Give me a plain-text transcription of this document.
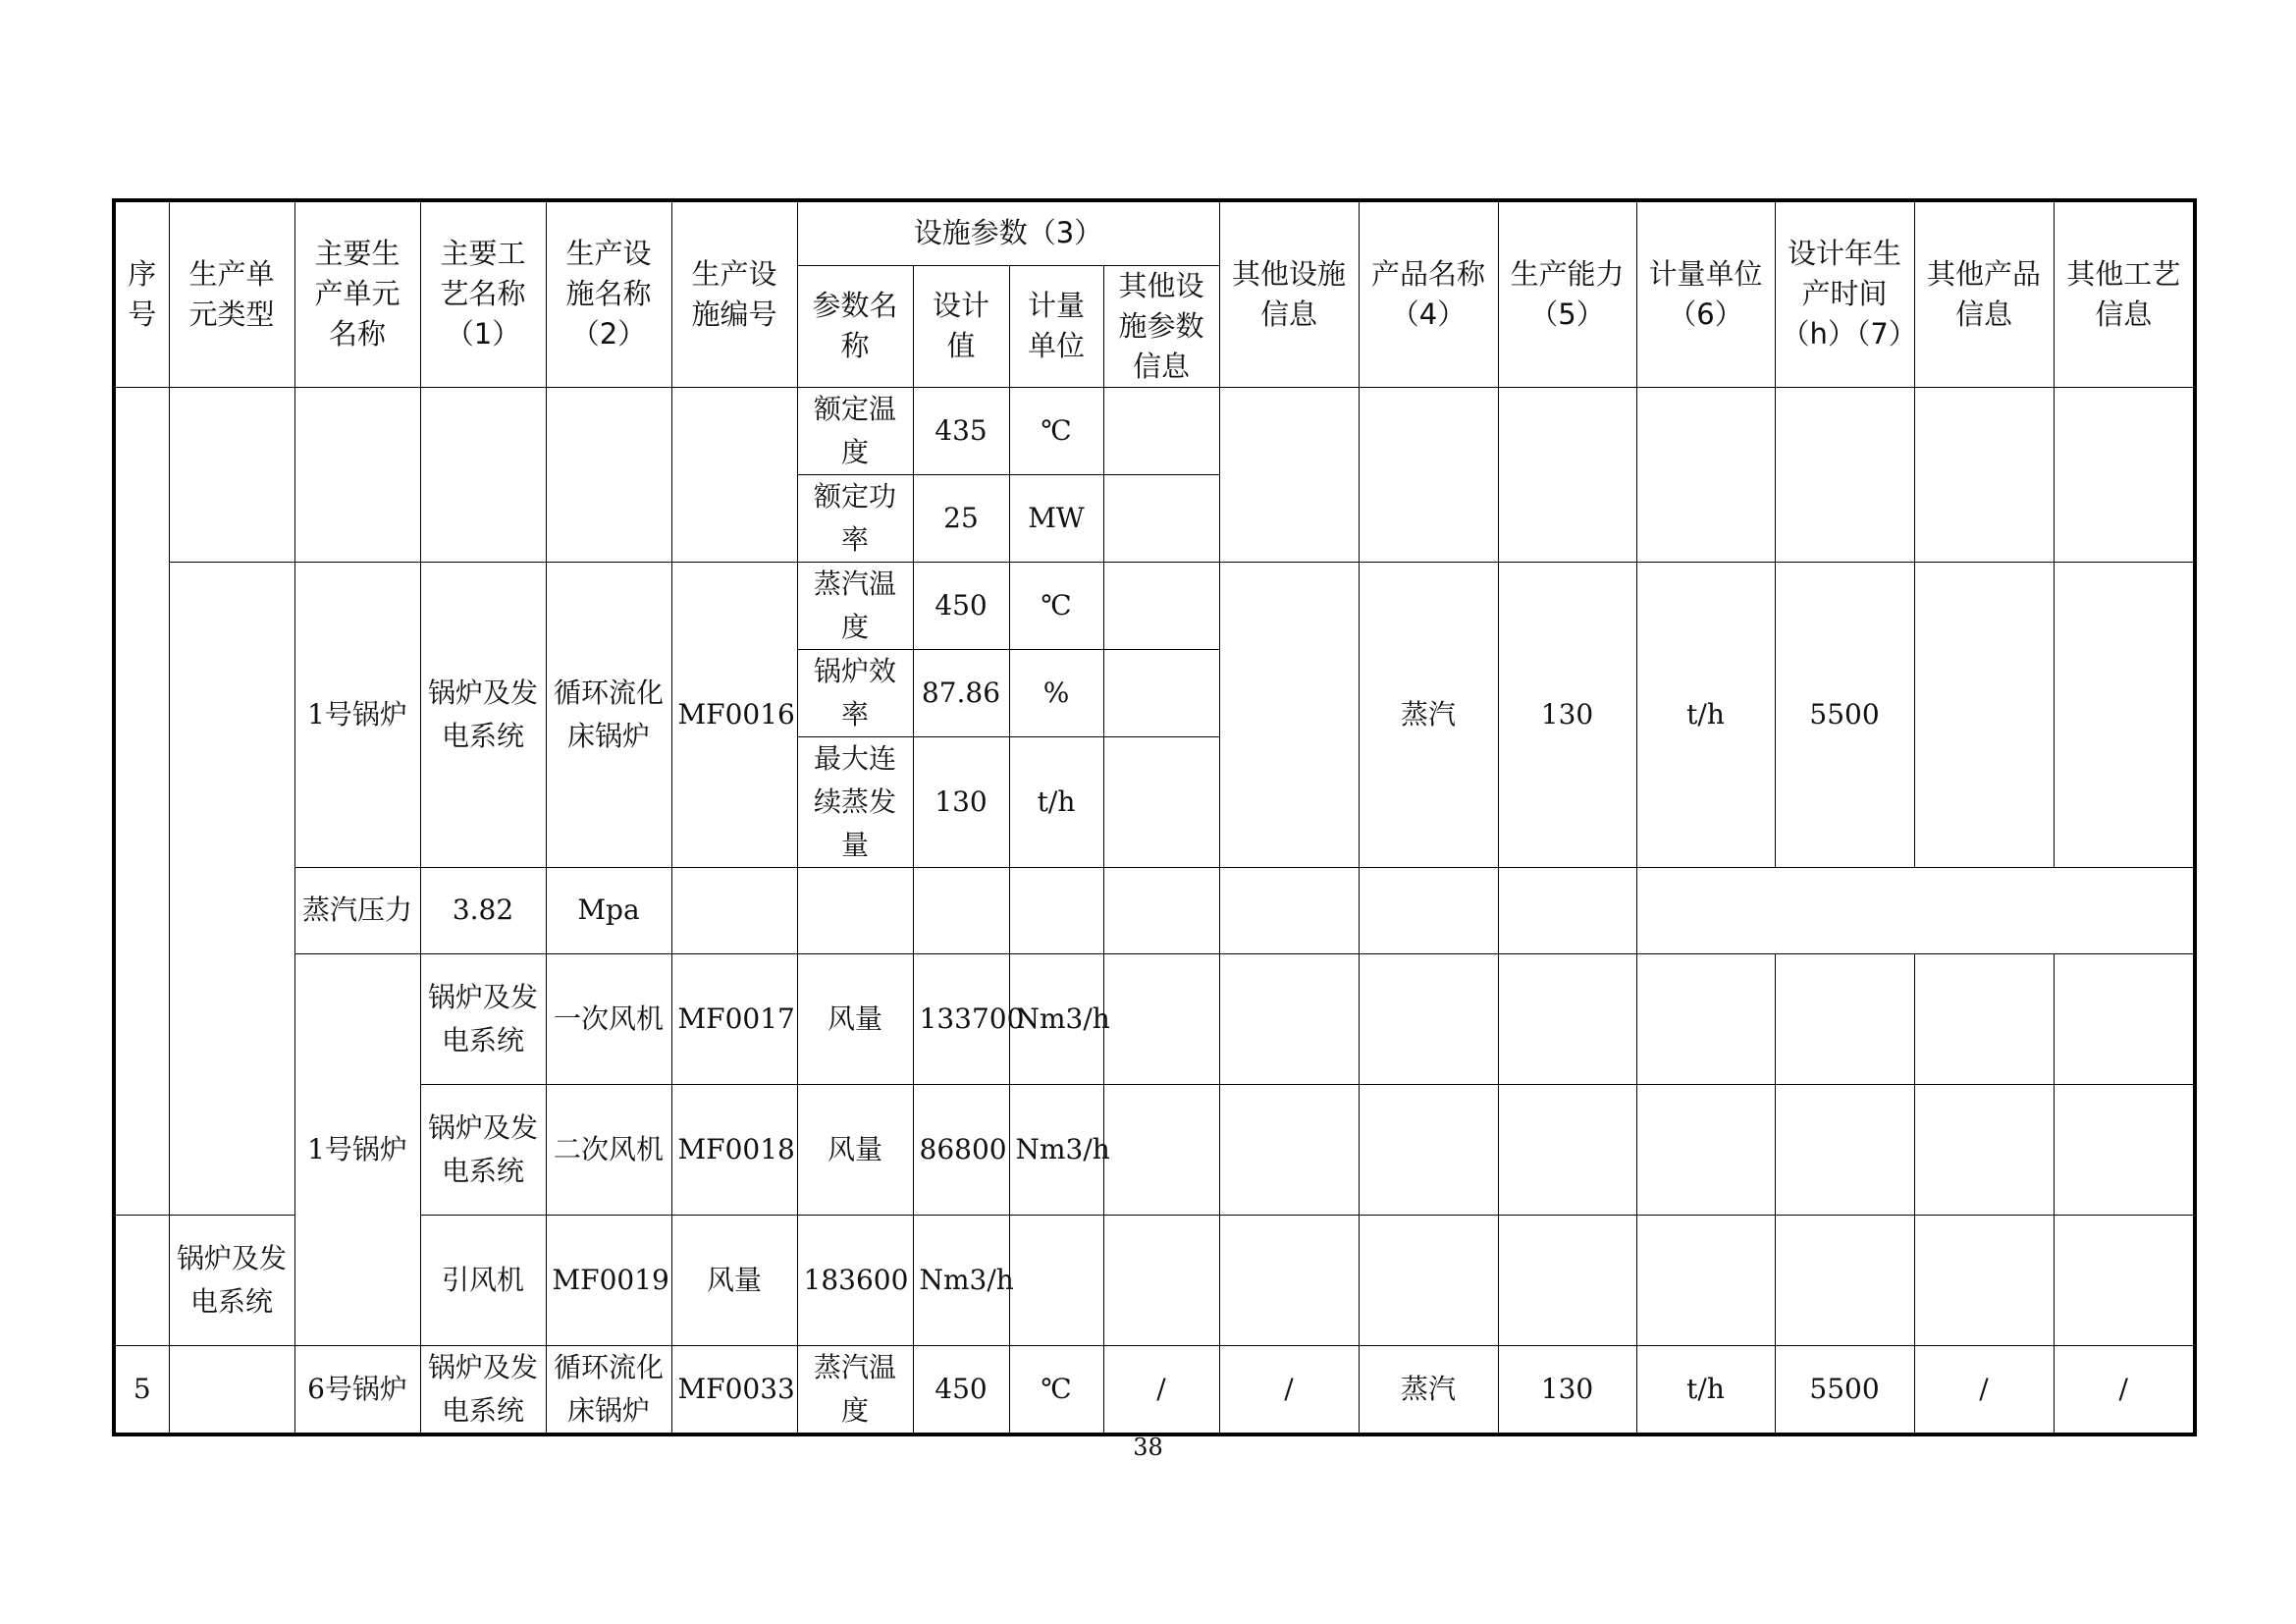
序号	生产单元类型	主要生产单元名称	主要工艺名称（1）	生产设施名称（2）	生产设施编号	设施参数（3）				其他设施信息	产品名称（4）	生产能力（5）	计量单位（6）	设计年生产时间（h）（7）	其他产品信息	其他工艺信息
						参数名称	设计值	计量单位	其他设施参数信息							
						额定温度	435	℃								
						额定功率	25	MW								
		1号锅炉	锅炉及发电系统	循环流化床锅炉	MF0016	蒸汽温度	450	℃			蒸汽	130	t/h	5500		
						锅炉效率	87.86	%								
						最大连续蒸发量	130	t/h								
		蒸汽压力	3.82	Mpa												
		1号锅炉	锅炉及发电系统	一次风机	MF0017	风量	133700	Nm3/h								
			锅炉及发电系统	二次风机	MF0018	风量	86800	Nm3/h								
	锅炉及发电系统		引风机	MF0019	风量	183600	Nm3/h									
5		6号锅炉	锅炉及发电系统	循环流化床锅炉	MF0033	蒸汽温度	450	℃	/	/	蒸汽	130	t/h	5500	/	/
38
